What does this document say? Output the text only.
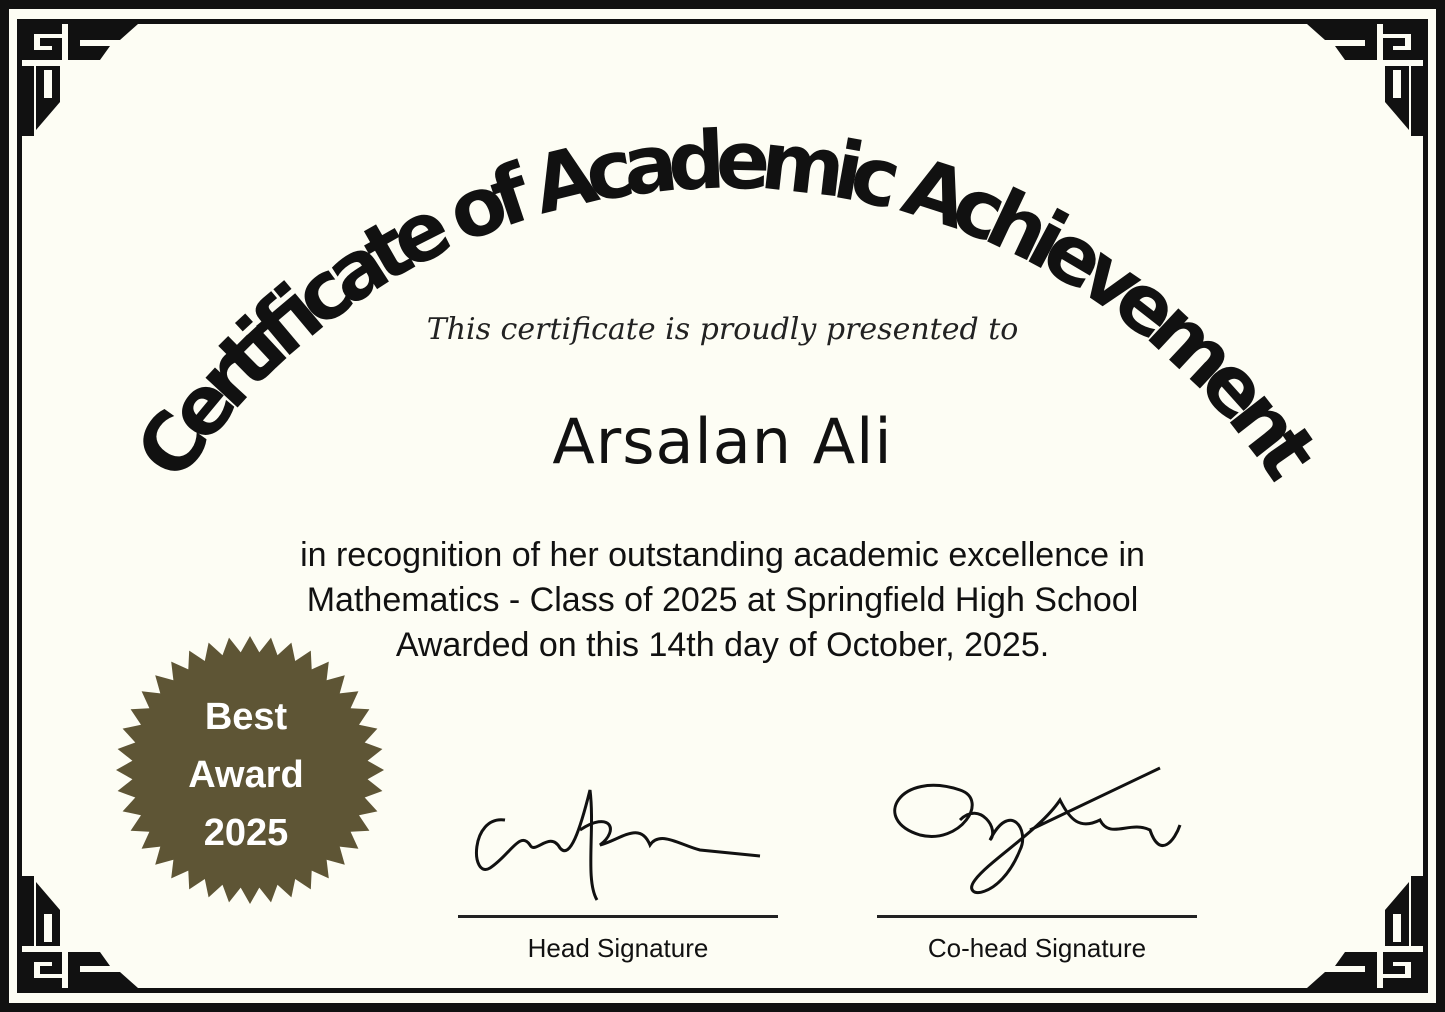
Certificate of Academic Achievement
This certificate is proudly presented to
Arsalan Ali
in recognition of her outstanding academic excellence in
Mathematics - Class of 2025 at Springfield High School
Awarded on this 14th day of October, 2025.
Best
Award
2025
Head Signature	Co-head Signature
